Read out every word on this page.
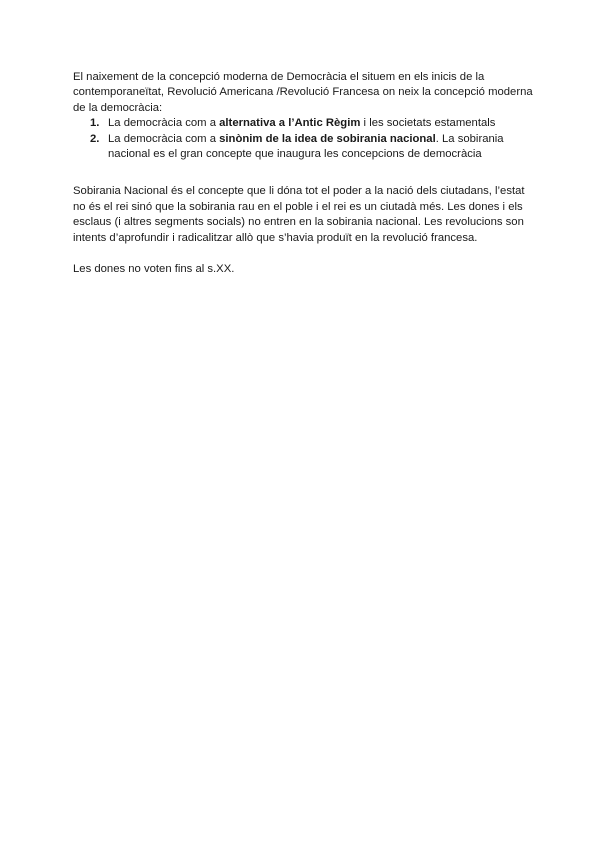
El naixement de la concepció moderna de Democràcia el situem en els inicis de la contemporaneïtat, Revolució Americana /Revolució Francesa on neix la concepció moderna de la democràcia:

1. La democràcia com a alternativa a l’Antic Règim i les societats estamentals
2. La democràcia com a sinònim de la idea de sobirania nacional. La sobirania nacional es el gran concepte que inaugura les concepcions de democràcia

Sobirania Nacional és el concepte que li dóna tot el poder a la nació dels ciutadans, l’estat no és el rei sinó que la sobirania rau en el poble i el rei es un ciutadà més. Les dones i els esclaus (i altres segments socials) no entren en la sobirania nacional. Les revolucions son intents d’aprofundir i radicalitzar allò que s’havia produït en la revolució francesa.

Les dones no voten fins al s.XX.
